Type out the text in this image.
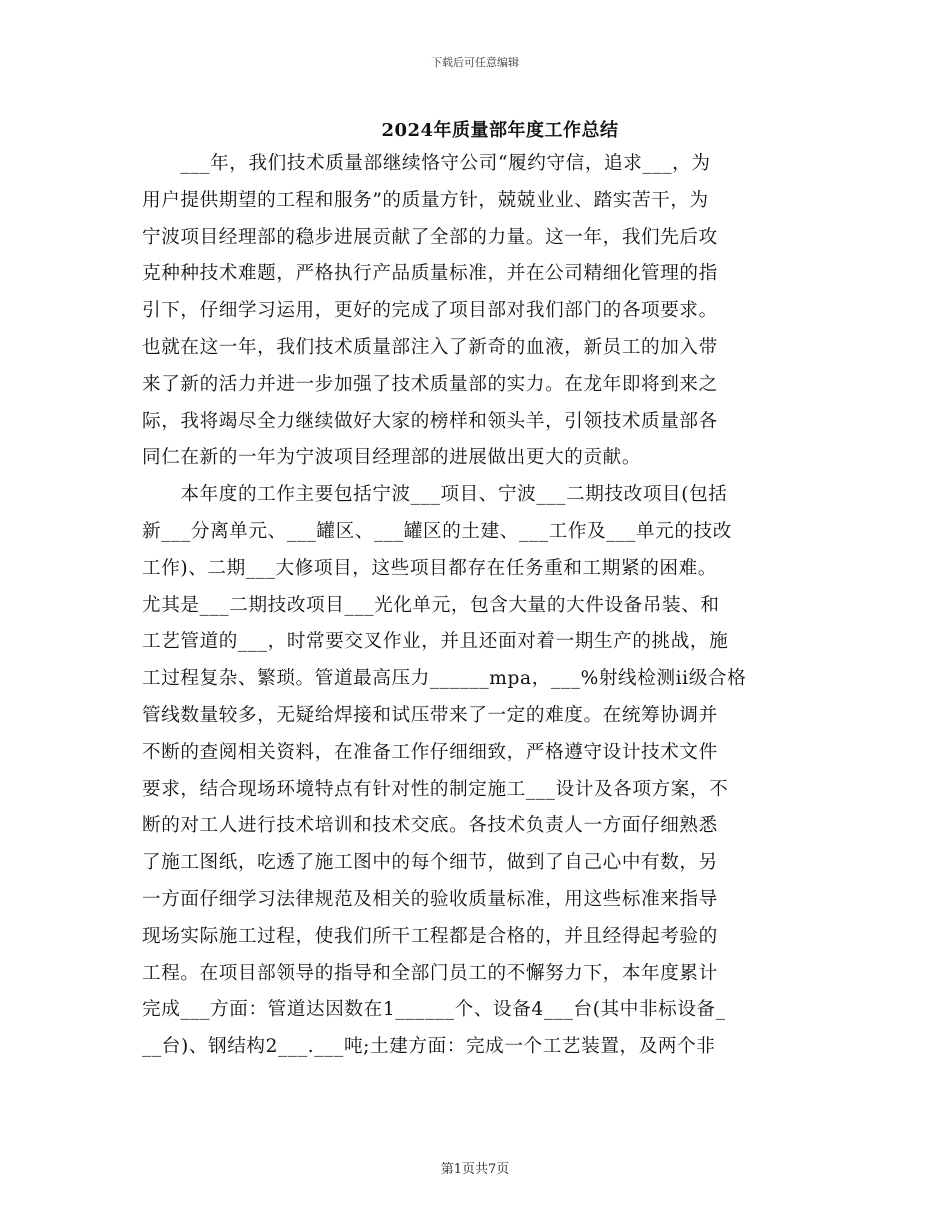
下载后可任意编辑
2024年质量部年度工作总结
　　___年，我们技术质量部继续恪守公司“履约守信，追求___，为
用户提供期望的工程和服务”的质量方针，兢兢业业、踏实苦干，为
宁波项目经理部的稳步进展贡献了全部的力量。这一年，我们先后攻
克种种技术难题，严格执行产品质量标准，并在公司精细化管理的指
引下，仔细学习运用，更好的完成了项目部对我们部门的各项要求。
也就在这一年，我们技术质量部注入了新奇的血液，新员工的加入带
来了新的活力并进一步加强了技术质量部的实力。在龙年即将到来之
际，我将竭尽全力继续做好大家的榜样和领头羊，引领技术质量部各
同仁在新的一年为宁波项目经理部的进展做出更大的贡献。
　　本年度的工作主要包括宁波___项目、宁波___二期技改项目(包括
新___分离单元、___罐区、___罐区的土建、___工作及___单元的技改
工作)、二期___大修项目，这些项目都存在任务重和工期紧的困难。
尤其是___二期技改项目___光化单元，包含大量的大件设备吊装、和
工艺管道的___，时常要交叉作业，并且还面对着一期生产的挑战，施
工过程复杂、繁琐。管道最高压力______mpa，___%射线检测ii级合格
管线数量较多，无疑给焊接和试压带来了一定的难度。在统筹协调并
不断的查阅相关资料，在准备工作仔细细致，严格遵守设计技术文件
要求，结合现场环境特点有针对性的制定施工___设计及各项方案，不
断的对工人进行技术培训和技术交底。各技术负责人一方面仔细熟悉
了施工图纸，吃透了施工图中的每个细节，做到了自己心中有数，另
一方面仔细学习法律规范及相关的验收质量标准，用这些标准来指导
现场实际施工过程，使我们所干工程都是合格的，并且经得起考验的
工程。在项目部领导的指导和全部门员工的不懈努力下，本年度累计
完成___方面：管道达因数在1______个、设备4___台(其中非标设备_
__台)、钢结构2___.___吨;土建方面：完成一个工艺装置，及两个非
第1页共7页
